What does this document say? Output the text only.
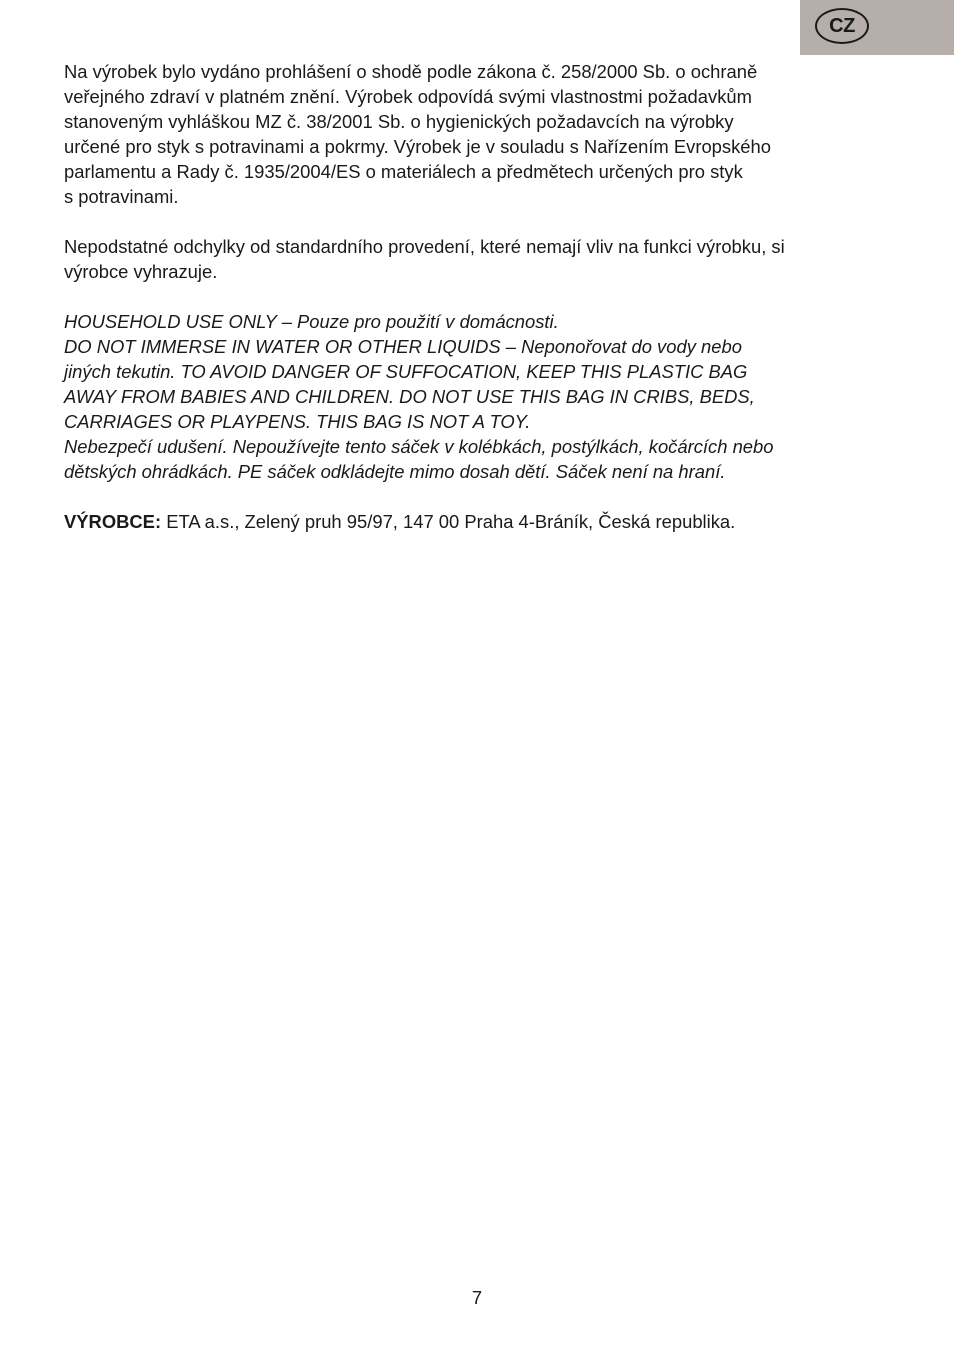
CZ
Na výrobek bylo vydáno prohlášení o shodě podle zákona č. 258/2000 Sb. o ochraně
veřejného zdraví v platném znění. Výrobek odpovídá svými vlastnostmi požadavkům
stanoveným vyhláškou MZ č. 38/2001 Sb. o hygienických požadavcích na výrobky
určené pro styk s potravinami a pokrmy. Výrobek je v souladu s Nařízením Evropského
parlamentu a Rady č. 1935/2004/ES o materiálech a předmětech určených pro styk
s potravinami.
Nepodstatné odchylky od standardního provedení, které nemají vliv na funkci výrobku, si
výrobce vyhrazuje.
HOUSEHOLD USE ONLY – Pouze pro použití v domácnosti.
DO NOT IMMERSE IN WATER OR OTHER LIQUIDS – Neponořovat do vody nebo
jiných tekutin. TO AVOID DANGER OF SUFFOCATION, KEEP THIS PLASTIC BAG
AWAY FROM BABIES AND CHILDREN. DO NOT USE THIS BAG IN CRIBS, BEDS,
CARRIAGES OR PLAYPENS. THIS BAG IS NOT A TOY.
Nebezpečí udušení. Nepoužívejte tento sáček v kolébkách, postýlkách, kočárcích nebo
dětských ohrádkách. PE sáček odkládejte mimo dosah dětí. Sáček není na hraní.
VÝROBCE: ETA a.s., Zelený pruh 95/97, 147 00 Praha 4-Bráník, Česká republika.
7
